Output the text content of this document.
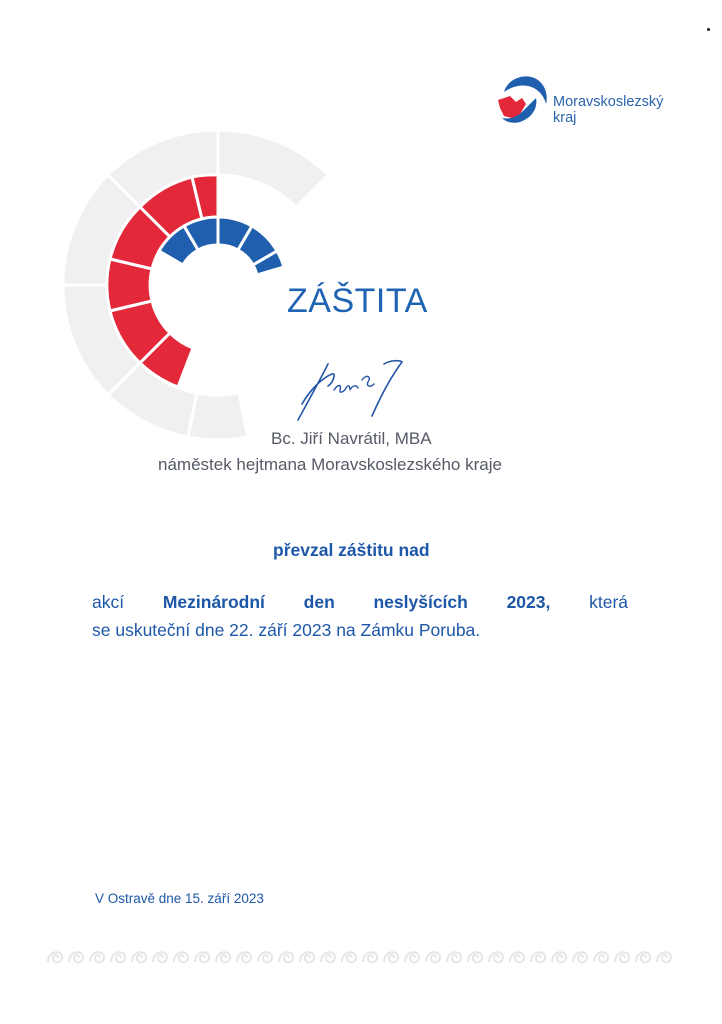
Moravskoslezský
kraj
ZÁŠTITA
Bc. Jiří Navrátil, MBA
náměstek hejtmana Moravskoslezského kraje
převzal záštitu nad
akcí Mezinárodní den neslyšících 2023, která
se uskuteční dne 22. září 2023 na Zámku Poruba.
V Ostravě dne 15. září 2023
